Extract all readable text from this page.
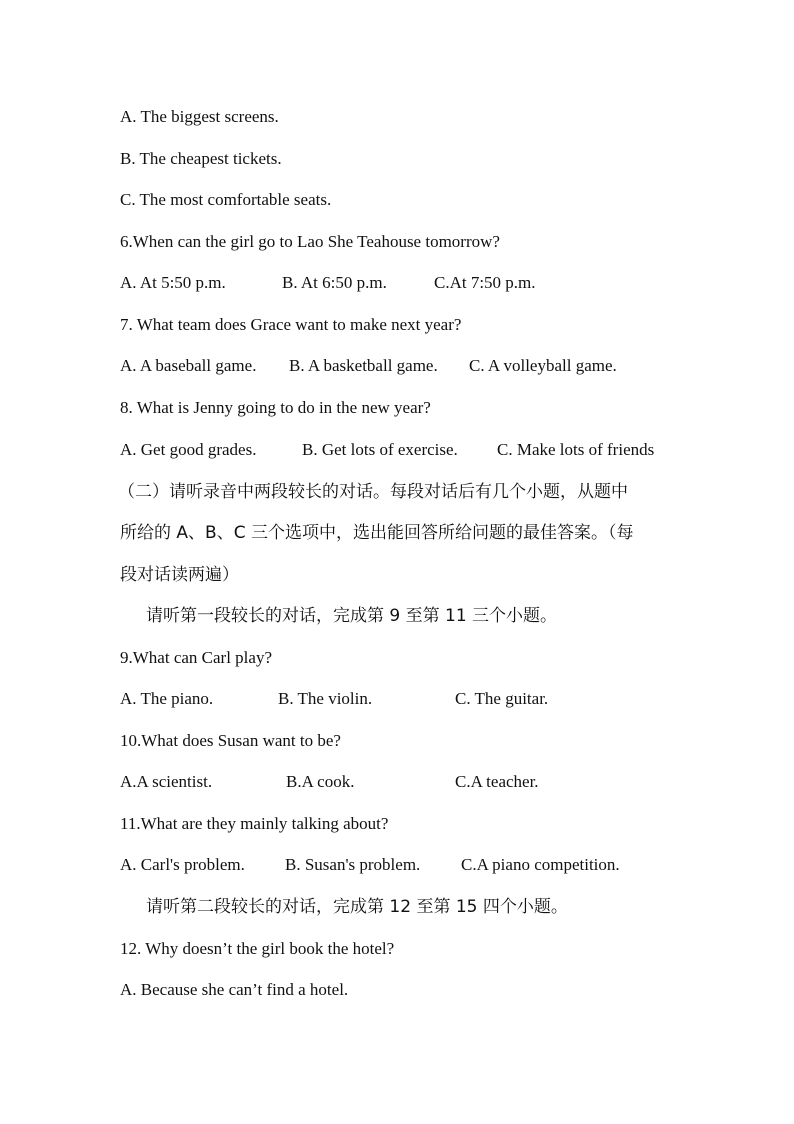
A. The biggest screens.

B. The cheapest tickets.

C. The most comfortable seats.

6.When can the girl go to Lao She Teahouse tomorrow?

A. At 5:50 p.m.	B. At 6:50 p.m.	C.At 7:50 p.m.

7. What team does Grace want to make next year?

A. A baseball game. B. A basketball game. C. A volleyball game.

8. What is Jenny going to do in the new year?

A. Get good grades.	B. Get lots of exercise. C. Make lots of friends

（二）请听录音中两段较长的对话。每段对话后有几个小题，从题中

所给的 A、B、C 三个选项中，选出能回答所给问题的最佳答案。（每

段对话读两遍）

请听第一段较长的对话，完成第 9 至第 11 三个小题。

9.What can Carl play?

A. The piano.	B. The violin.	C. The guitar.

10.What does Susan want to be?

A.A scientist.	B.A cook.	C.A teacher.

11.What are they mainly talking about?

A. Carl's problem. B. Susan's problem. C.A piano competition.

请听第二段较长的对话，完成第 12 至第 15 四个小题。

12. Why doesn’t the girl book the hotel?

A. Because she can’t find a hotel.
